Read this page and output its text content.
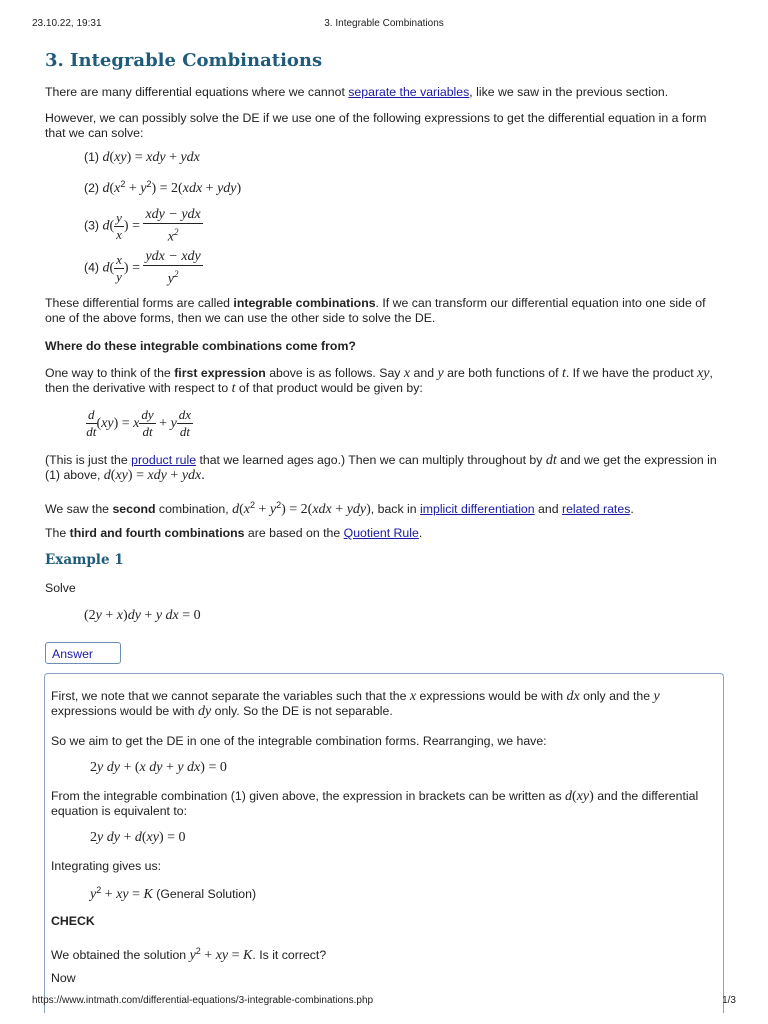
23.10.22, 19:31	3. Integrable Combinations
3. Integrable Combinations
There are many differential equations where we cannot separate the variables, like we saw in the previous section.
However, we can possibly solve the DE if we use one of the following expressions to get the differential equation in a form that we can solve:
(1) d(xy) = xdy + ydx
(2) $d(x^2 + y^2) = 2(xdx + ydy)$
(3) $d( \frac{y}{x}$ ) = $\frac{\text{xdy − ydx}}{x^2}$
(4) $d( \frac{x}{y}$ ) = $\frac{\text{ydx − xdy}}{y^2}$
These differential forms are called integrable combinations. If we can transform our differential equation into one side of one of the above forms, then we can use the other side to solve the DE.
Where do these integrable combinations come from?
One way to think of the first expression above is as follows. Say x and y are both functions of t. If we have the product xy, then the derivative with respect to t of that product would be given by:
$\frac{d}{dt} (xy) = x \frac{dy}{dt} + y \frac{dx}{dt}$
(This is just the product rule that we learned ages ago.) Then we can multiply throughout by dt and we get the expression in (1) above, d(xy) = xdy + ydx.
We saw the second combination, $d(x^2 + y^2) = 2(xdx + ydy)$, back in implicit differentiation and related rates.
The third and fourth combinations are based on the Quotient Rule.
Example 1
Solve
(2y + x)dy + y dx = 0
Answer
First, we note that we cannot separate the variables such that the x expressions would be with dx only and the y expressions would be with dy only. So the DE is not separable.
So we aim to get the DE in one of the integrable combination forms. Rearranging, we have:
2y dy + (x dy + y dx) = 0
From the integrable combination (1) given above, the expression in brackets can be written as d(xy) and the differential equation is equivalent to:
2y dy + d(xy) = 0
Integrating gives us:
$y^2$ + xy = K (General Solution)
CHECK
We obtained the solution $y^2$ + xy = K. Is it correct?
Now
https://www.intmath.com/differential-equations/3-integrable-combinations.php	1/3
